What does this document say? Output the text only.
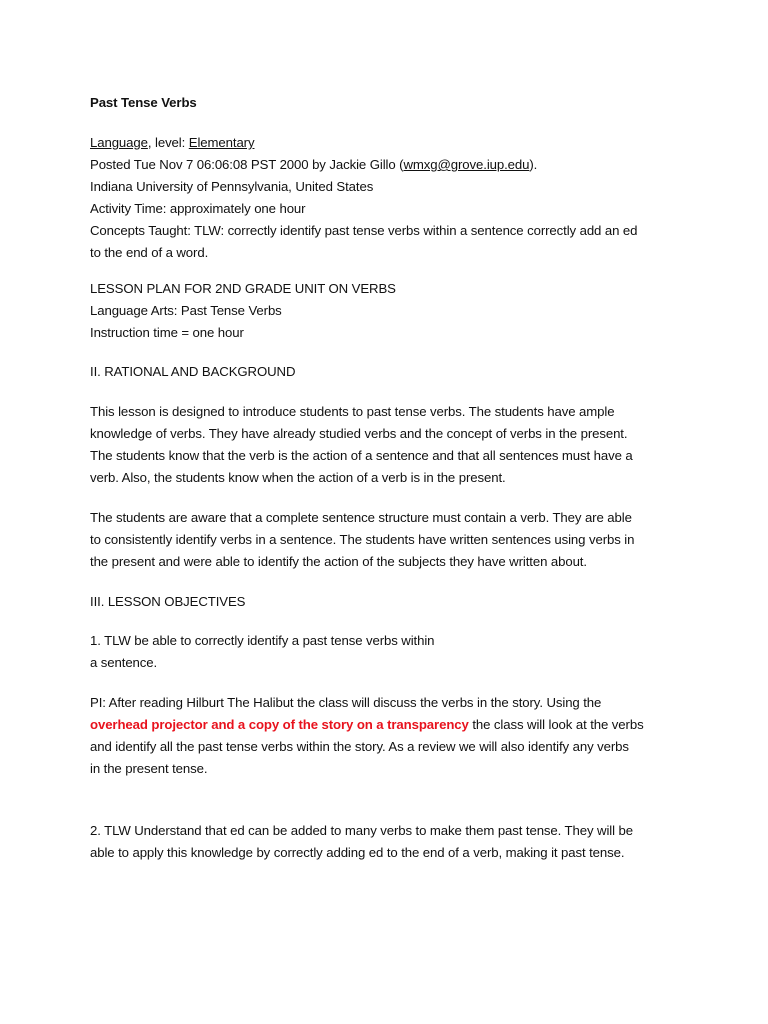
Past Tense Verbs
Language, level: Elementary
Posted Tue Nov 7 06:06:08 PST 2000 by Jackie Gillo (wmxg@grove.iup.edu).
Indiana University of Pennsylvania, United States
Activity Time: approximately one hour
Concepts Taught: TLW: correctly identify past tense verbs within a sentence correctly add an ed
to the end of a word.
LESSON PLAN FOR 2ND GRADE UNIT ON VERBS
Language Arts: Past Tense Verbs
Instruction time = one hour
II. RATIONAL AND BACKGROUND
This lesson is designed to introduce students to past tense verbs. The students have ample
knowledge of verbs. They have already studied verbs and the concept of verbs in the present.
The students know that the verb is the action of a sentence and that all sentences must have a
verb. Also, the students know when the action of a verb is in the present.
The students are aware that a complete sentence structure must contain a verb. They are able
to consistently identify verbs in a sentence. The students have written sentences using verbs in
the present and were able to identify the action of the subjects they have written about.
III. LESSON OBJECTIVES
1. TLW be able to correctly identify a past tense verbs within
a sentence.
PI: After reading Hilburt The Halibut the class will discuss the verbs in the story. Using the
overhead projector and a copy of the story on a transparency the class will look at the verbs
and identify all the past tense verbs within the story. As a review we will also identify any verbs
in the present tense.
2. TLW Understand that ed can be added to many verbs to make them past tense. They will be
able to apply this knowledge by correctly adding ed to the end of a verb, making it past tense.
